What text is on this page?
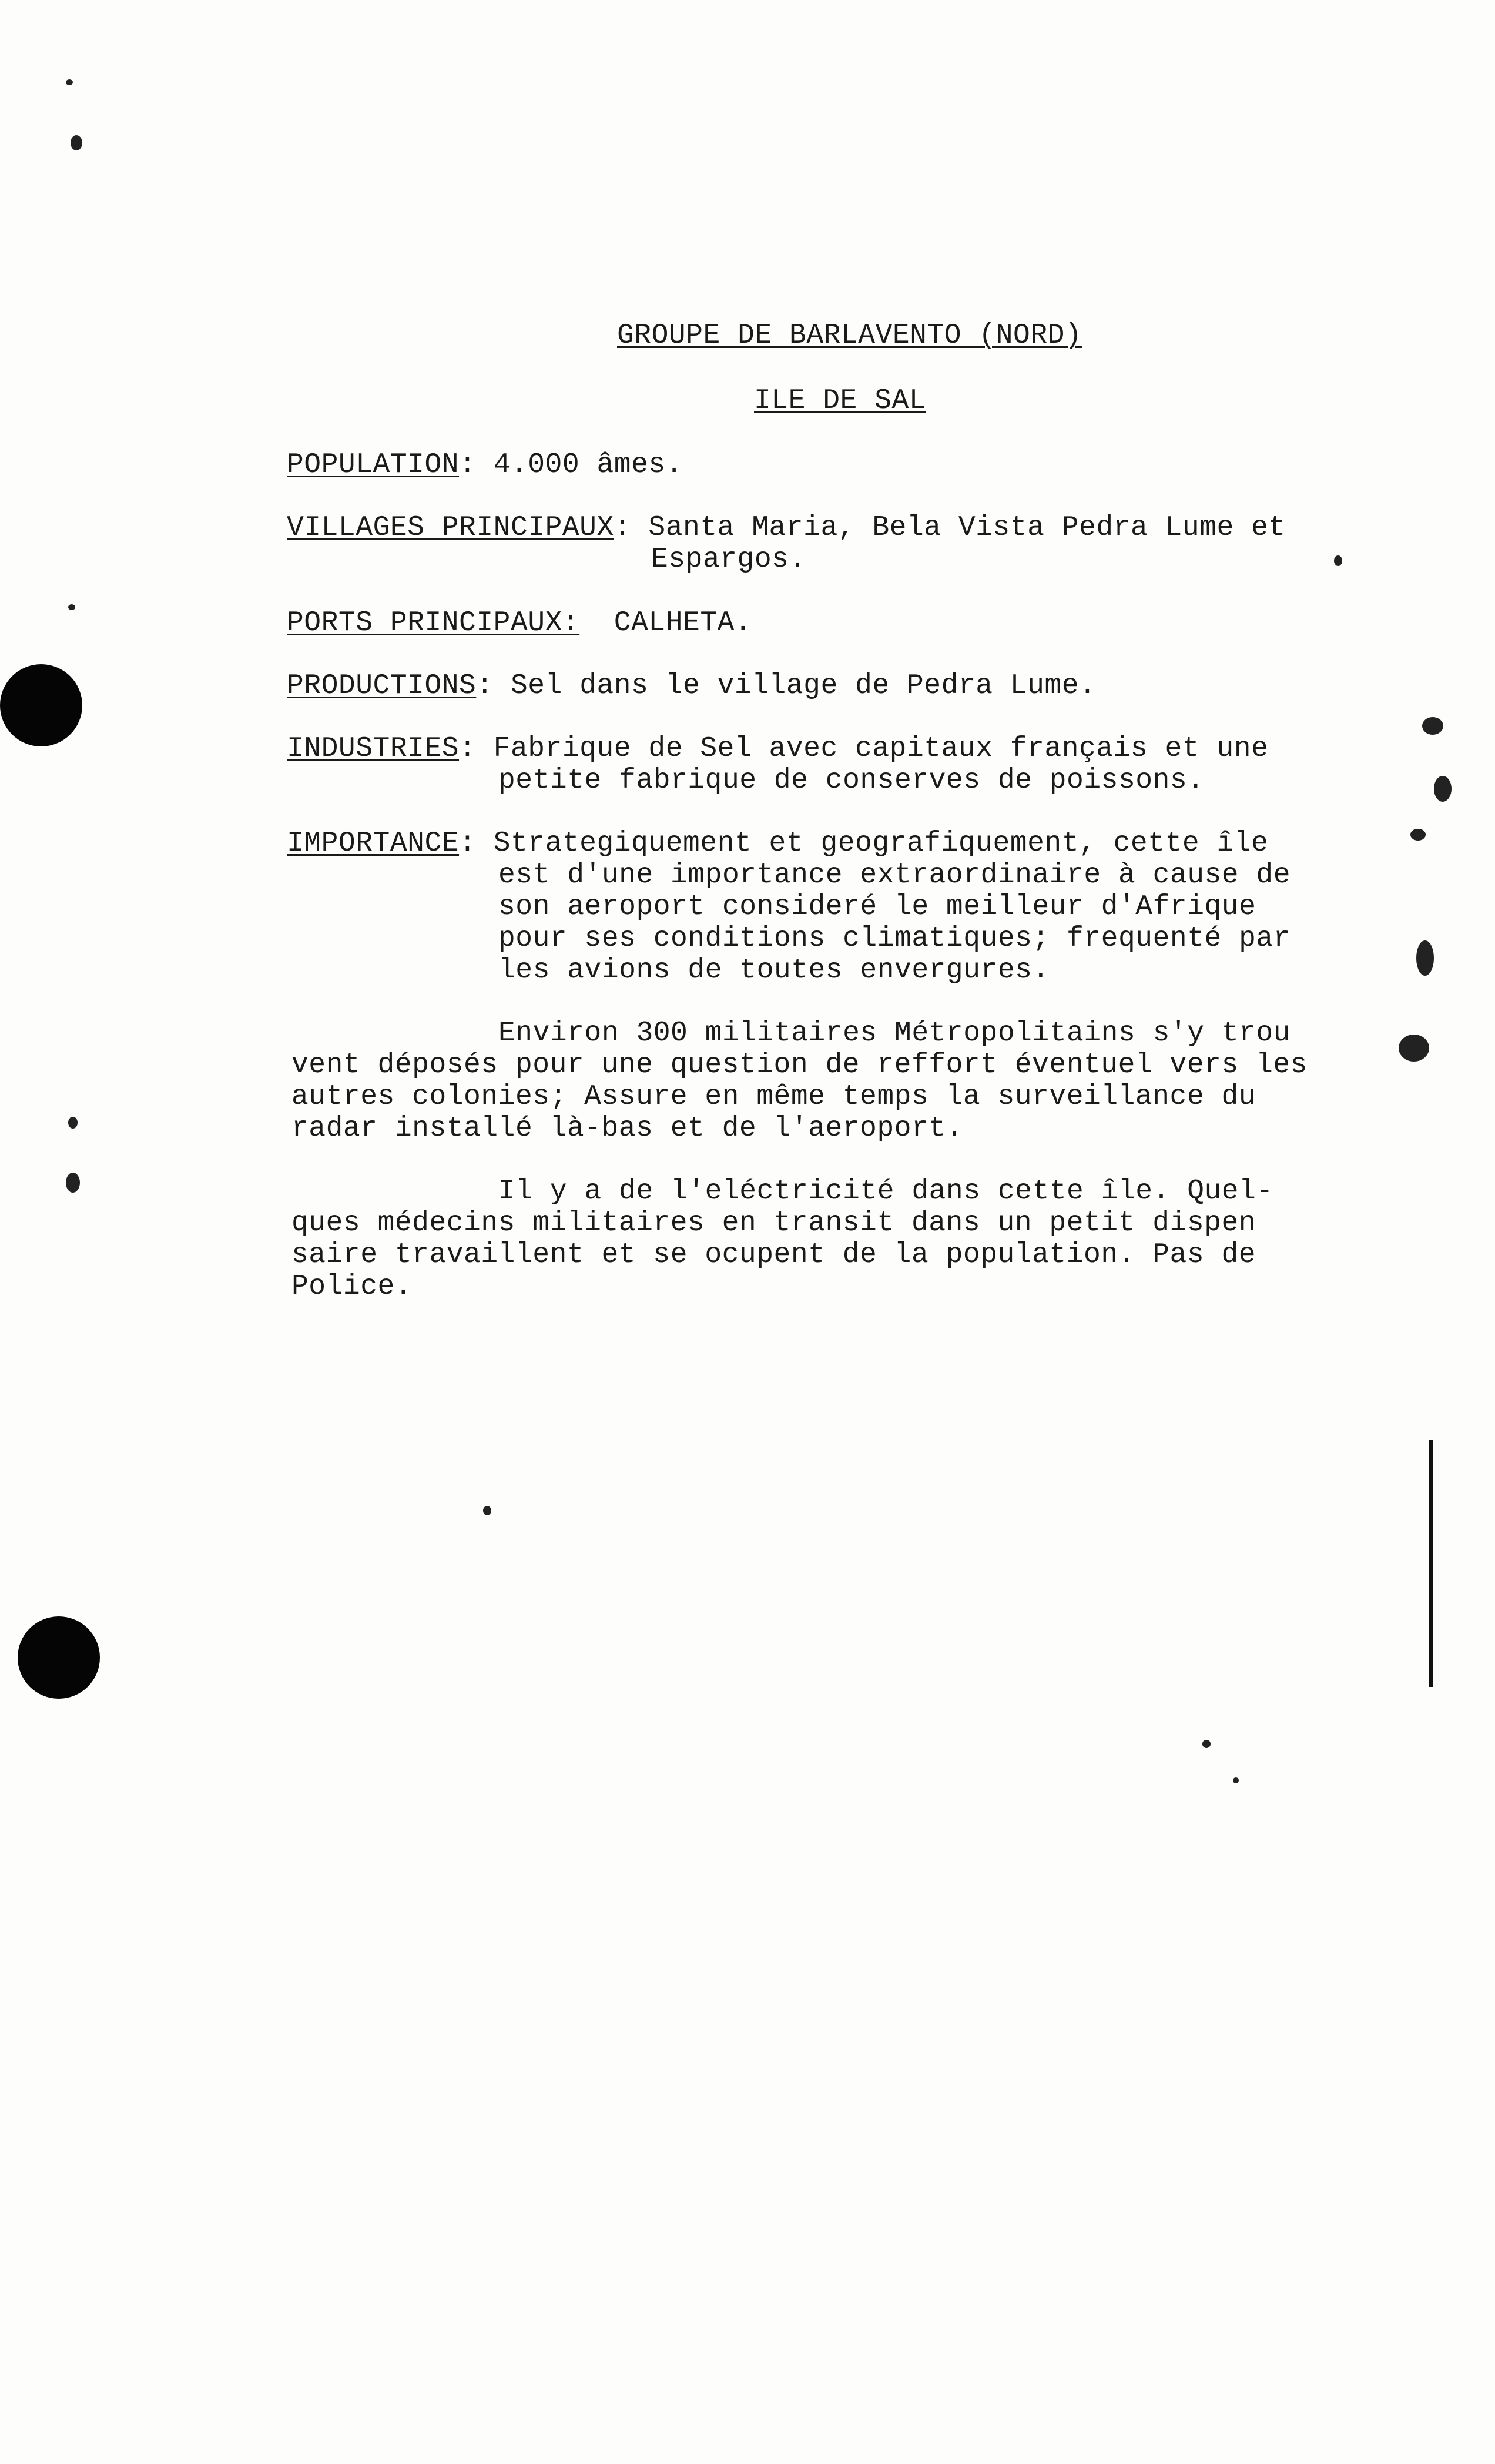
GROUPE DE BARLAVENTO (NORD)
ILE DE SAL
POPULATION: 4.000 âmes.
VILLAGES PRINCIPAUX: Santa Maria, Bela Vista Pedra Lume et
Espargos.
PORTS PRINCIPAUX: CALHETA.
PRODUCTIONS: Sel dans le village de Pedra Lume.
INDUSTRIES: Fabrique de Sel avec capitaux français et une
petite fabrique de conserves de poissons.
IMPORTANCE: Strategiquement et geografiquement, cette île
est d'une importance extraordinaire à cause de
son aeroport consideré le meilleur d'Afrique
pour ses conditions climatiques; frequenté par
les avions de toutes envergures.
Environ 300 militaires Métropolitains s'y trou
vent déposés pour une question de reffort éventuel vers les
autres colonies; Assure en même temps la surveillance du
radar installé là-bas et de l'aeroport.
Il y a de l'eléctricité dans cette île. Quel-
ques médecins militaires en transit dans un petit dispen
saire travaillent et se ocupent de la population. Pas de
Police.
